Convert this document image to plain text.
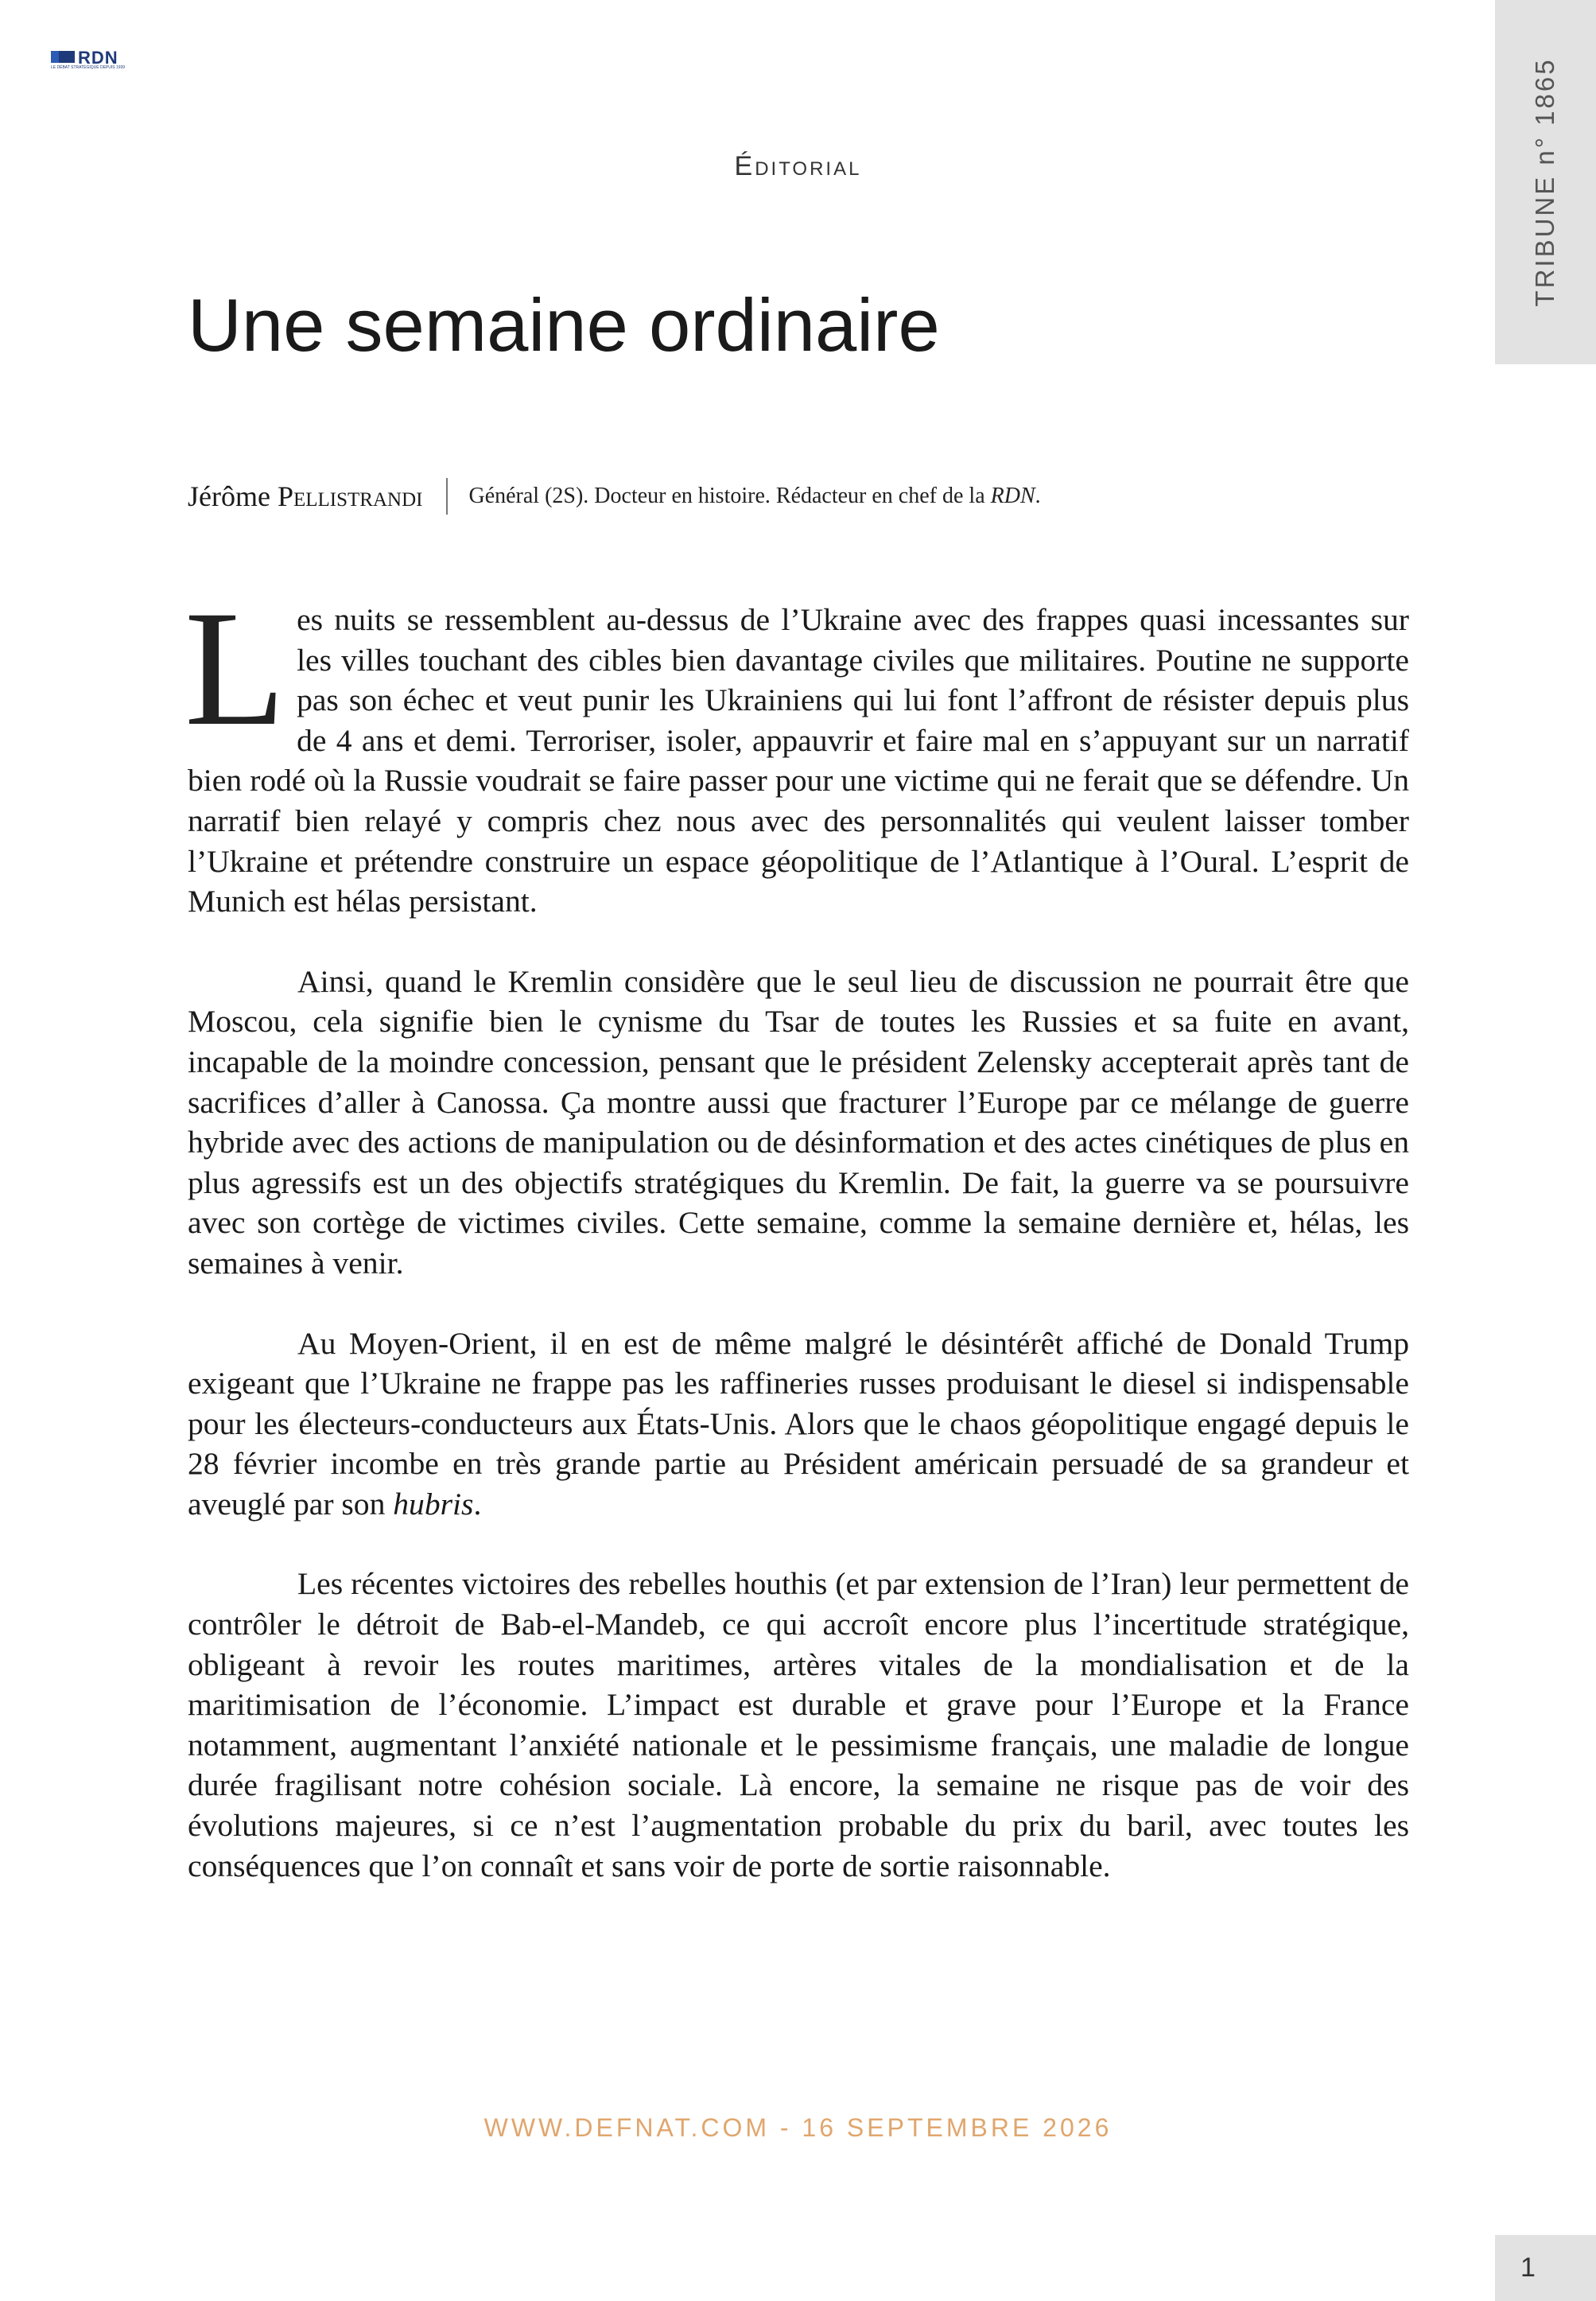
RDN
LE DÉBAT STRATÉGIQUE DEPUIS 1939	TRIBUNE n° 1865
Éditorial
Une semaine ordinaire
Jérôme Pellistrandi Général (2S). Docteur en histoire. Rédacteur en chef de la RDN.

Les nuits se ressemblent au-dessus de l’Ukraine avec des frappes quasi incessantes sur les villes touchant des cibles bien davantage civiles que militaires. Poutine ne supporte pas son échec et veut punir les Ukrainiens qui lui font l’affront de résister depuis plus de 4 ans et demi. Terroriser, isoler, appauvrir et faire mal en s’appuyant sur un narratif bien rodé où la Russie voudrait se faire passer pour une victime qui ne ferait que se défendre. Un narratif bien relayé y compris chez nous avec des personnalités qui veulent laisser tomber l’Ukraine et prétendre construire un espace géopolitique de l’Atlantique à l’Oural. L’esprit de Munich est hélas persistant.

Ainsi, quand le Kremlin considère que le seul lieu de discussion ne pourrait être que Moscou, cela signifie bien le cynisme du Tsar de toutes les Russies et sa fuite en avant, incapable de la moindre concession, pensant que le président Zelensky accepterait après tant de sacrifices d’aller à Canossa. Ça montre aussi que fracturer l’Europe par ce mélange de guerre hybride avec des actions de manipulation ou de désinformation et des actes cinétiques de plus en plus agressifs est un des objectifs stratégiques du Kremlin. De fait, la guerre va se poursuivre avec son cortège de victimes civiles. Cette semaine, comme la semaine dernière et, hélas, les semaines à venir.

Au Moyen-Orient, il en est de même malgré le désintérêt affiché de Donald Trump exigeant que l’Ukraine ne frappe pas les raffineries russes produisant le diesel si indispensable pour les électeurs-conducteurs aux États-Unis. Alors que le chaos géopolitique engagé depuis le 28 février incombe en très grande partie au Président américain persuadé de sa grandeur et aveuglé par son hubris.

Les récentes victoires des rebelles houthis (et par extension de l’Iran) leur permettent de contrôler le détroit de Bab-el-Mandeb, ce qui accroît encore plus l’incertitude stratégique, obligeant à revoir les routes maritimes, artères vitales de la mondialisation et de la maritimisation de l’économie. L’impact est durable et grave pour l’Europe et la France notamment, augmentant l’anxiété nationale et le pessimisme français, une maladie de longue durée fragilisant notre cohésion sociale. Là encore, la semaine ne risque pas de voir des évolutions majeures, si ce n’est l’augmentation probable du prix du baril, avec toutes les conséquences que l’on connaît et sans voir de porte de sortie raisonnable.

WWW.DEFNAT.COM - 16 SEPTEMBRE 2026
1
